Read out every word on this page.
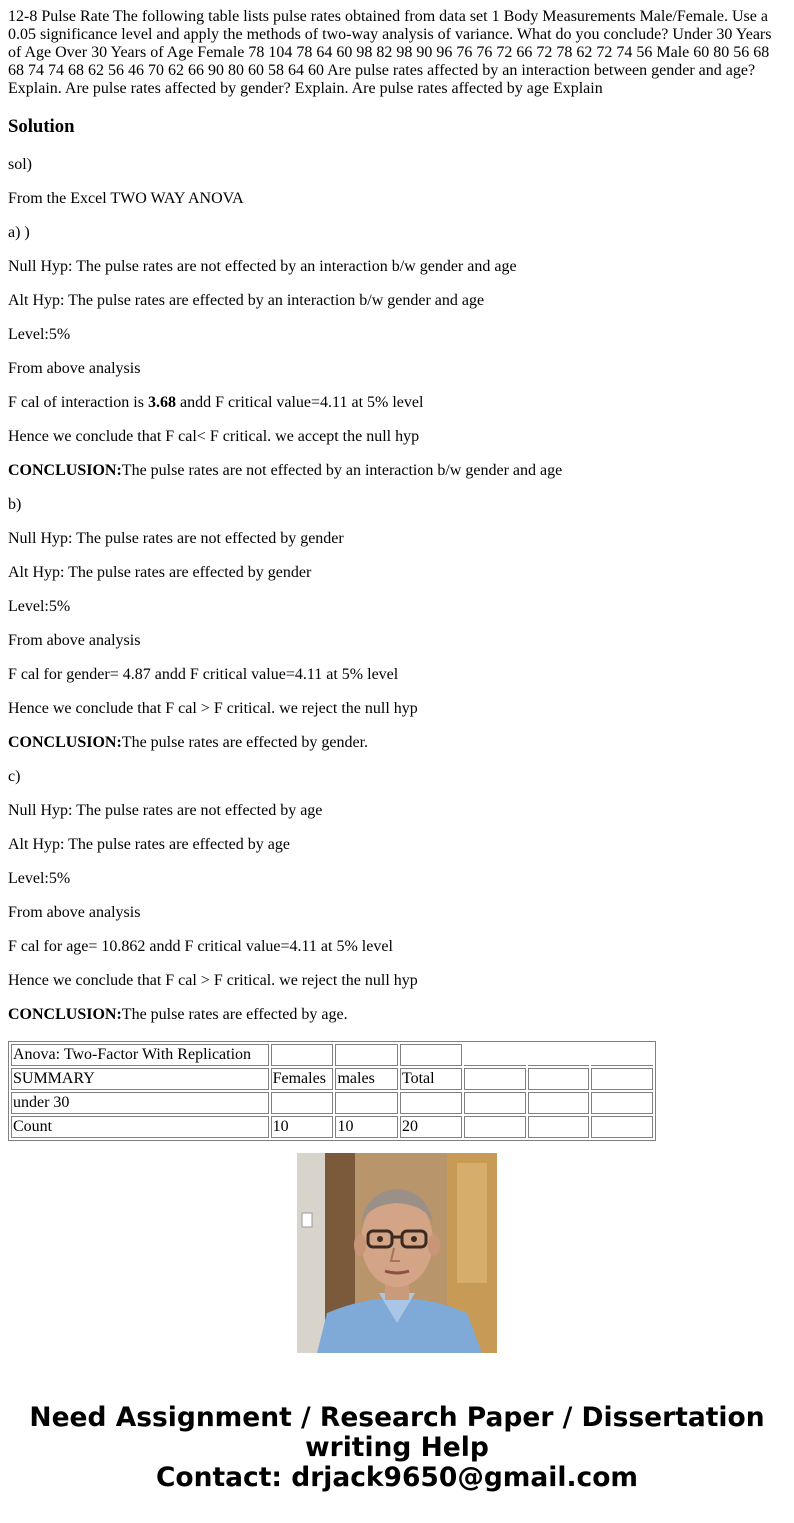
12-8 Pulse Rate The following table lists pulse rates obtained from data set 1 Body Measurements Male/Female. Use a 0.05 significance level and apply the methods of two-way analysis of variance. What do you conclude? Under 30 Years of Age Over 30 Years of Age Female 78 104 78 64 60 98 82 98 90 96 76 76 72 66 72 78 62 72 74 56 Male 60 80 56 68 68 74 74 68 62 56 46 70 62 66 90 80 60 58 64 60 Are pulse rates affected by an interaction between gender and age? Explain. Are pulse rates affected by gender? Explain. Are pulse rates affected by age Explain

Solution

sol)

From the Excel TWO WAY ANOVA

a) )

Null Hyp: The pulse rates are not effected by an interaction b/w gender and age

Alt Hyp: The pulse rates are effected by an interaction b/w gender and age

Level:5%

From above analysis

F cal of interaction is 3.68 andd F critical value=4.11 at 5% level

Hence we conclude that F cal< F critical. we accept the null hyp

CONCLUSION:The pulse rates are not effected by an interaction b/w gender and age

b)

Null Hyp: The pulse rates are not effected by gender

Alt Hyp: The pulse rates are effected by gender

Level:5%

From above analysis

F cal for gender= 4.87 andd F critical value=4.11 at 5% level

Hence we conclude that F cal > F critical. we reject the null hyp

CONCLUSION:The pulse rates are effected by gender.

c)

Null Hyp: The pulse rates are not effected by age

Alt Hyp: The pulse rates are effected by age

Level:5%

From above analysis

F cal for age= 10.862 andd F critical value=4.11 at 5% level

Hence we conclude that F cal > F critical. we reject the null hyp

CONCLUSION:The pulse rates are effected by age.

Anova: Two-Factor With Replication						
SUMMARY	Females	males	Total			
under 30						
Count	10	10	20			
Need Assignment / Research Paper / Dissertation
writing Help
Contact: drjack9650@gmail.com
